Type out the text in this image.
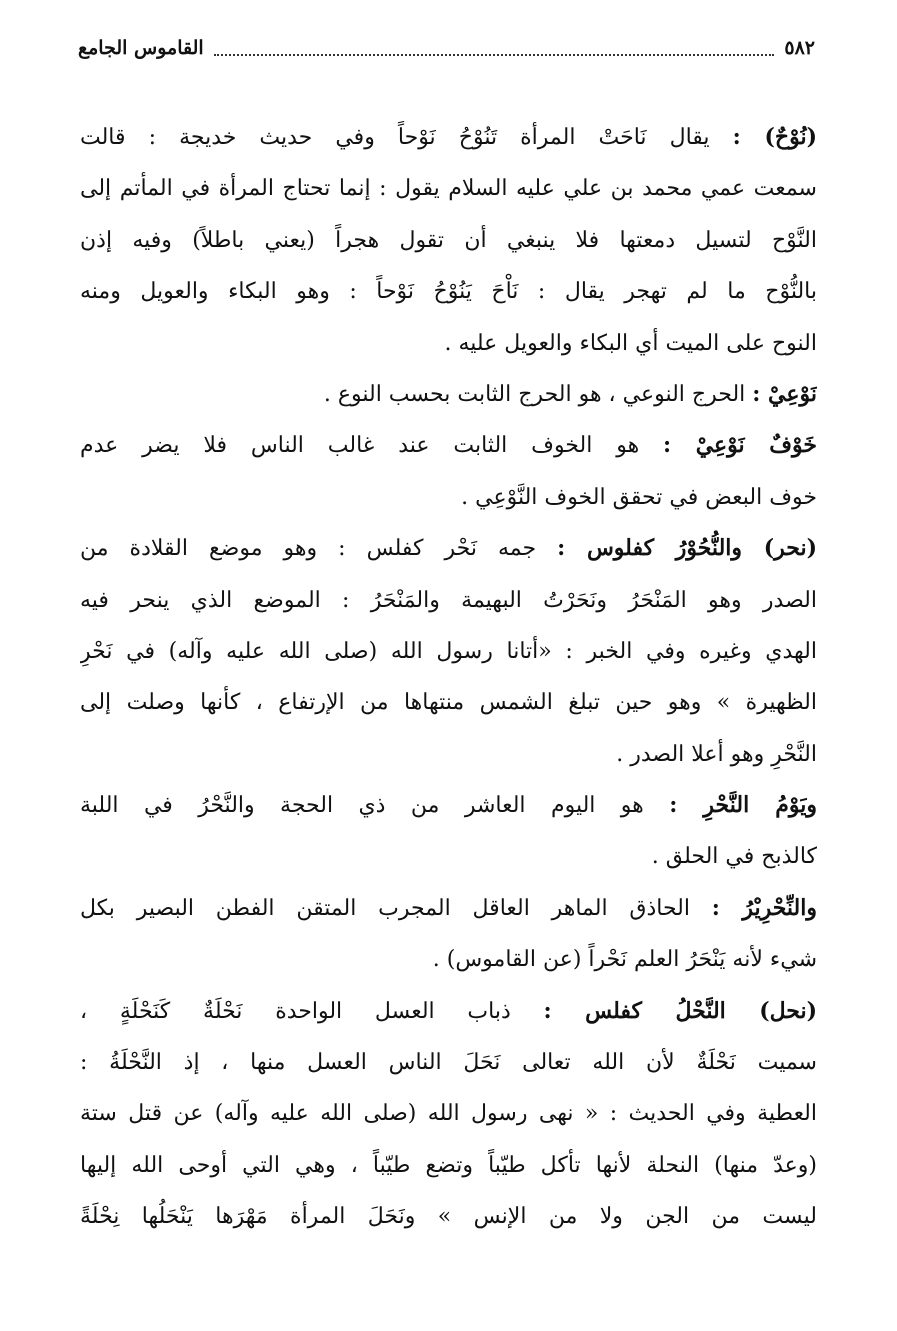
٥٨٢
القاموس الجامع
(نُوْحٌ) : يقال نَاحَتْ المرأة تَنُوْحُ نَوْحاً وفي حديث خديجة : قالت
سمعت عمي محمد بن علي عليه السلام يقول : إنما تحتاج المرأة في المأتم إلى
النَّوْح لتسيل دمعتها فلا ينبغي أن تقول هجراً (يعني باطلاً) وفيه إذن
بالنُّوْح ما لم تهجر يقال : نَاْحَ يَنُوْحُ نَوْحاً : وهو البكاء والعويل ومنه
النوح على الميت أي البكاء والعويل عليه .
نَوْعِيْ : الحرج النوعي ، هو الحرج الثابت بحسب النوع .
خَوْفٌ نَوْعِيْ : هو الخوف الثابت عند غالب الناس فلا يضر عدم
خوف البعض في تحقق الخوف النَّوْعِي .
(نحر) والنُّحُوْرُ كفلوس : جمه نَحْر كفلس : وهو موضع القلادة من
الصدر وهو المَنْحَرُ ونَحَرْتُ البهيمة والمَنْحَرُ : الموضع الذي ينحر فيه
الهدي وغيره وفي الخبر : «أتانا رسول الله (صلى الله عليه وآله) في نَحْرِ
الظهيرة » وهو حين تبلغ الشمس منتهاها من الإرتفاع ، كأنها وصلت إلى
النَّحْرِ وهو أعلا الصدر .
ويَوْمُ النَّحْرِ : هو اليوم العاشر من ذي الحجة والنَّحْرُ في اللبة
كالذبح في الحلق .
والنِّحْرِيْرُ : الحاذق الماهر العاقل المجرب المتقن الفطن البصير بكل
شيء لأنه يَنْحَرُ العلم نَحْراً (عن القاموس) .
(نحل) النَّحْلُ كفلس : ذباب العسل الواحدة نَحْلَةٌ كَنَحْلَةٍ ،
سميت نَحْلَةٌ لأن الله تعالى نَحَلَ الناس العسل منها ، إذ النَّحْلَةُ :
العطية وفي الحديث : « نهى رسول الله (صلى الله عليه وآله) عن قتل ستة
(وعدّ منها) النحلة لأنها تأكل طيّباً وتضع طيّباً ، وهي التي أوحى الله إليها
ليست من الجن ولا من الإنس » ونَحَلَ المرأة مَهْرَها يَنْحَلُها نِحْلَةً
